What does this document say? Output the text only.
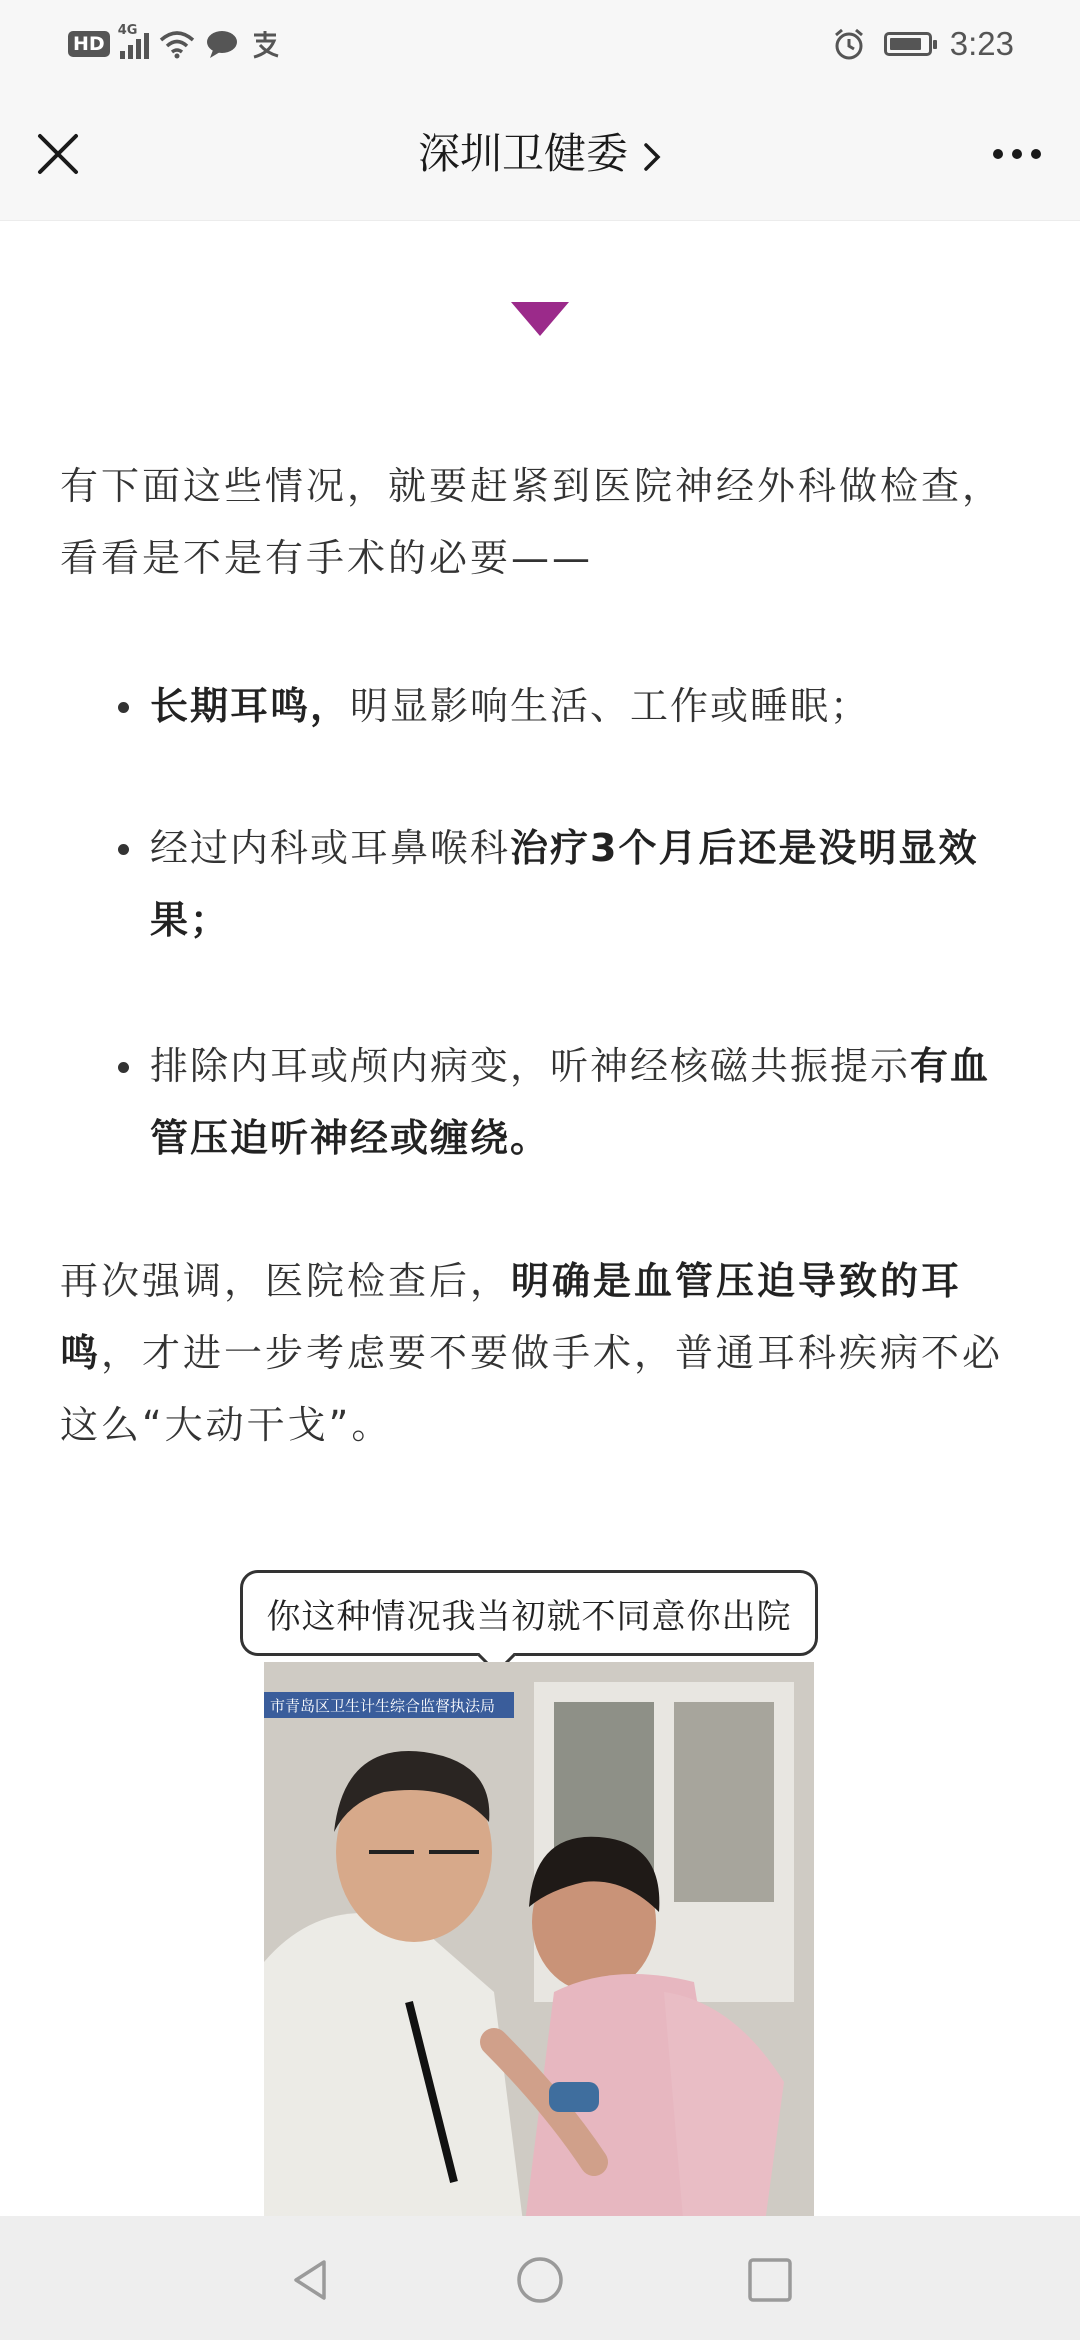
HD
4G	3:23
深圳卫健委

有下面这些情况，就要赶紧到医院神经外科做检查，看看是不是有手术的必要——

长期耳鸣，明显影响生活、工作或睡眠；

经过内科或耳鼻喉科治疗3个月后还是没明显效果；

排除内耳或颅内病变，听神经核磁共振提示有血管压迫听神经或缠绕。

再次强调，医院检查后，明确是血管压迫导致的耳鸣，才进一步考虑要不要做手术，普通耳科疾病不必这么“大动干戈”。

你这种情况我当初就不同意你出院
市青岛区卫生计生综合监督执法局
